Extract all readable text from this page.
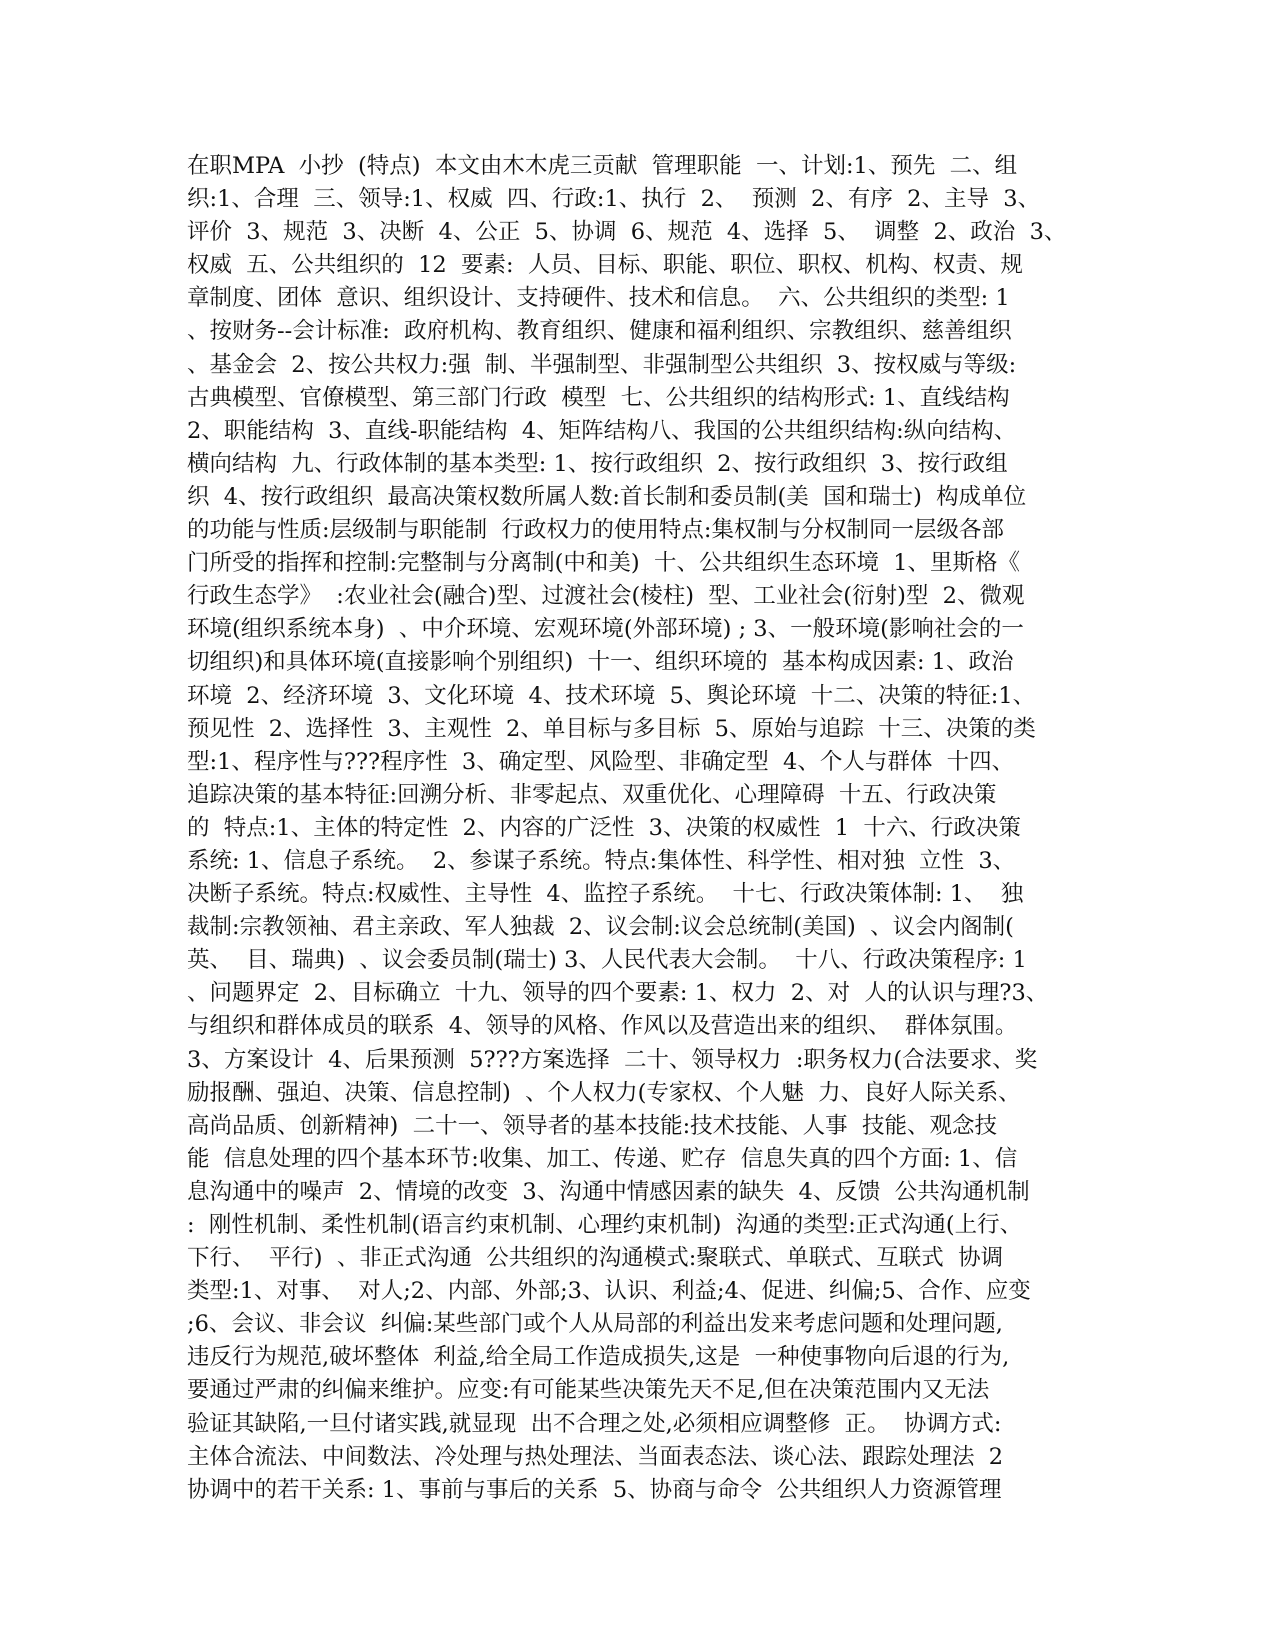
在职MPA  小抄  (特点)  本文由木木虎三贡献  管理职能  一、计划:1、预先  二、组
织:1、合理  三、领导:1、权威  四、行政:1、执行  2、  预测  2、有序  2、主导  3、
评价  3、规范  3、决断  4、公正  5、协调  6、规范  4、选择  5、  调整  2、政治  3、
权威  五、公共组织的  12  要素:  人员、目标、职能、职位、职权、机构、权责、规
章制度、团体  意识、组织设计、支持硬件、技术和信息。  六、公共组织的类型: 1
、按财务--会计标准:  政府机构、教育组织、健康和福利组织、宗教组织、慈善组织
、基金会  2、按公共权力:强  制、半强制型、非强制型公共组织  3、按权威与等级:
古典模型、官僚模型、第三部门行政  模型  七、公共组织的结构形式: 1、直线结构
2、职能结构  3、直线-职能结构  4、矩阵结构八、我国的公共组织结构:纵向结构、
横向结构  九、行政体制的基本类型: 1、按行政组织  2、按行政组织  3、按行政组
织  4、按行政组织  最高决策权数所属人数:首长制和委员制(美  国和瑞士)  构成单位
的功能与性质:层级制与职能制  行政权力的使用特点:集权制与分权制同一层级各部
门所受的指挥和控制:完整制与分离制(中和美)  十、公共组织生态环境  1、里斯格《
行政生态学》  :农业社会(融合)型、过渡社会(棱柱)  型、工业社会(衍射)型  2、微观
环境(组织系统本身)  、中介环境、宏观环境(外部环境) ; 3、一般环境(影响社会的一
切组织)和具体环境(直接影响个别组织)  十一、组织环境的  基本构成因素: 1、政治
环境  2、经济环境  3、文化环境  4、技术环境  5、舆论环境  十二、决策的特征:1、
预见性  2、选择性  3、主观性  2、单目标与多目标  5、原始与追踪  十三、决策的类
型:1、程序性与???程序性  3、确定型、风险型、非确定型  4、个人与群体  十四、
追踪决策的基本特征:回溯分析、非零起点、双重优化、心理障碍  十五、行政决策
的  特点:1、主体的特定性  2、内容的广泛性  3、决策的权威性  1  十六、行政决策
系统: 1、信息子系统。  2、参谋子系统。特点:集体性、科学性、相对独  立性  3、
决断子系统。特点:权威性、主导性  4、监控子系统。  十七、行政决策体制: 1、  独
裁制:宗教领袖、君主亲政、军人独裁  2、议会制:议会总统制(美国)  、议会内阁制(
英、  目、瑞典)  、议会委员制(瑞士) 3、人民代表大会制。  十八、行政决策程序: 1
、问题界定  2、目标确立  十九、领导的四个要素: 1、权力  2、对  人的认识与理?3、
与组织和群体成员的联系  4、领导的风格、作风以及营造出来的组织、  群体氛围。
3、方案设计  4、后果预测  5???方案选择  二十、领导权力  :职务权力(合法要求、奖
励报酬、强迫、决策、信息控制)  、个人权力(专家权、个人魅  力、良好人际关系、
高尚品质、创新精神)  二十一、领导者的基本技能:技术技能、人事  技能、观念技
能  信息处理的四个基本环节:收集、加工、传递、贮存  信息失真的四个方面: 1、信
息沟通中的噪声  2、情境的改变  3、沟通中情感因素的缺失  4、反馈  公共沟通机制
:  刚性机制、柔性机制(语言约束机制、心理约束机制)  沟通的类型:正式沟通(上行、
下行、  平行)  、非正式沟通  公共组织的沟通模式:聚联式、单联式、互联式  协调
类型:1、对事、  对人;2、内部、外部;3、认识、利益;4、促进、纠偏;5、合作、应变
;6、会议、非会议  纠偏:某些部门或个人从局部的利益出发来考虑问题和处理问题,
违反行为规范,破坏整体  利益,给全局工作造成损失,这是  一种使事物向后退的行为,
要通过严肃的纠偏来维护。应变:有可能某些决策先天不足,但在决策范围内又无法
验证其缺陷,一旦付诸实践,就显现  出不合理之处,必须相应调整修  正。  协调方式:
主体合流法、中间数法、冷处理与热处理法、当面表态法、谈心法、跟踪处理法  2
协调中的若干关系: 1、事前与事后的关系  5、协商与命令  公共组织人力资源管理
